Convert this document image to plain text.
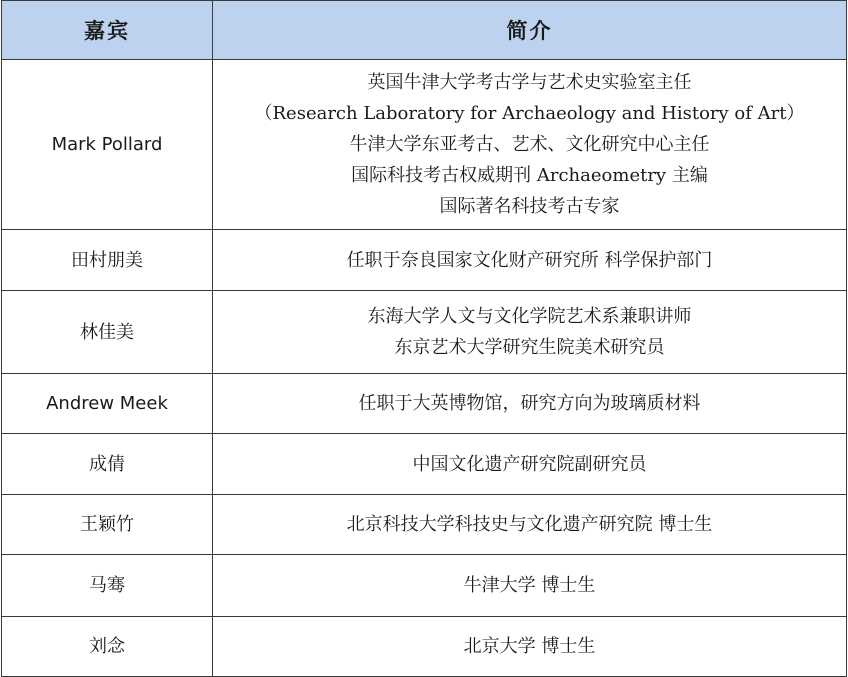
嘉宾	简介
Mark Pollard	英国牛津大学考古学与艺术史实验室主任
（Research Laboratory for Archaeology and History of Art）
牛津大学东亚考古、艺术、文化研究中心主任
国际科技考古权威期刊 Archaeometry 主编
国际著名科技考古专家

田村朋美	任职于奈良国家文化财产研究所 科学保护部门

林佳美	东海大学人文与文化学院艺术系兼职讲师
东京艺术大学研究生院美术研究员

Andrew Meek	任职于大英博物馆，研究方向为玻璃质材料

成倩	中国文化遗产研究院副研究员

王颖竹	北京科技大学科技史与文化遗产研究院 博士生

马骞	牛津大学 博士生

刘念	北京大学 博士生
